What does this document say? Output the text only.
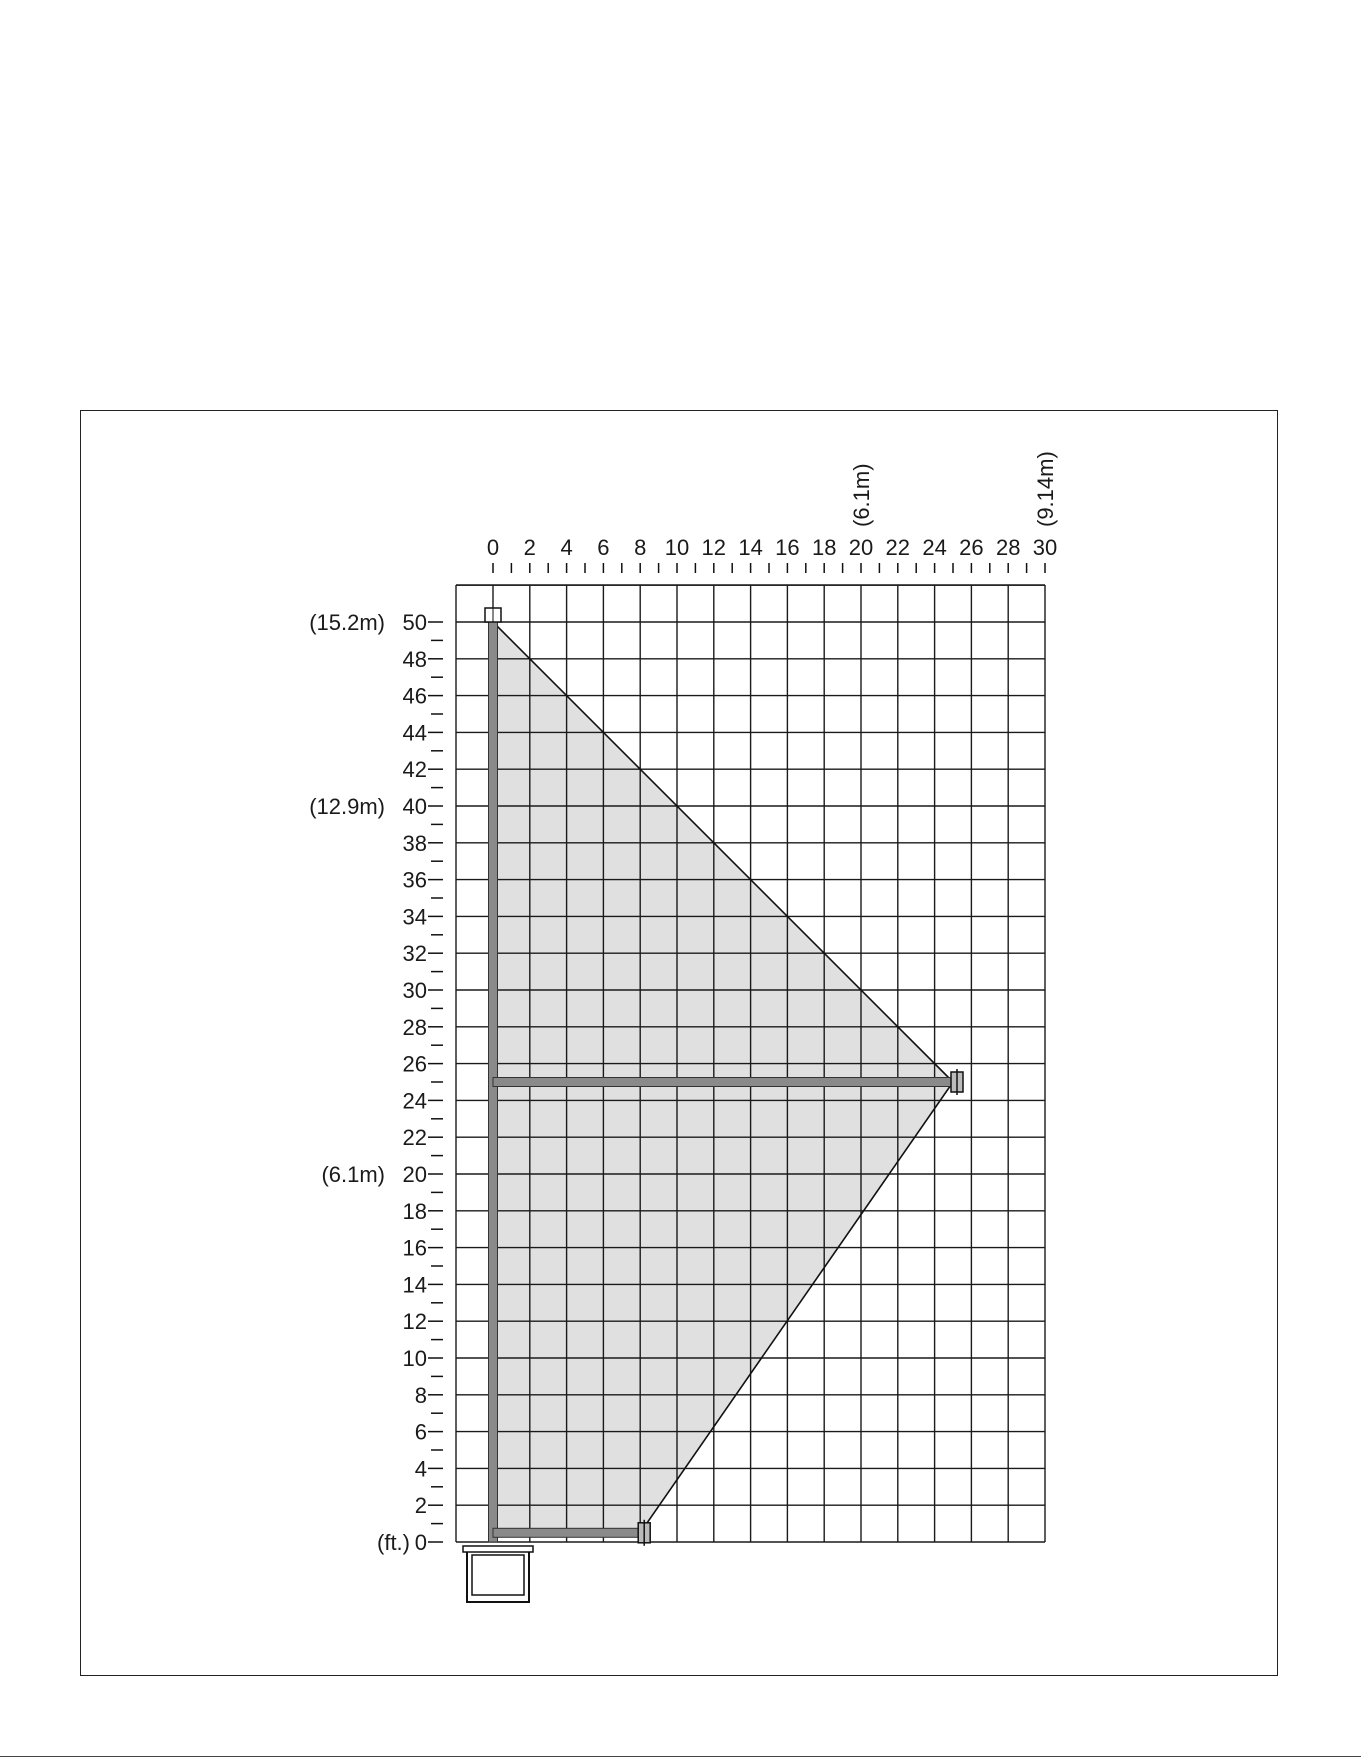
0 2 4 6 8 10 12 14 16 18 20 22 24 26 28 30
(6.1m)	(9.14m)
0
2
4
6
8
10
12
14
16
18
20
22
24
26
28
30
32
34
36
38
40
42
44
46
48
50
(15.2m)
(12.9m)
(6.1m)
(ft.)
